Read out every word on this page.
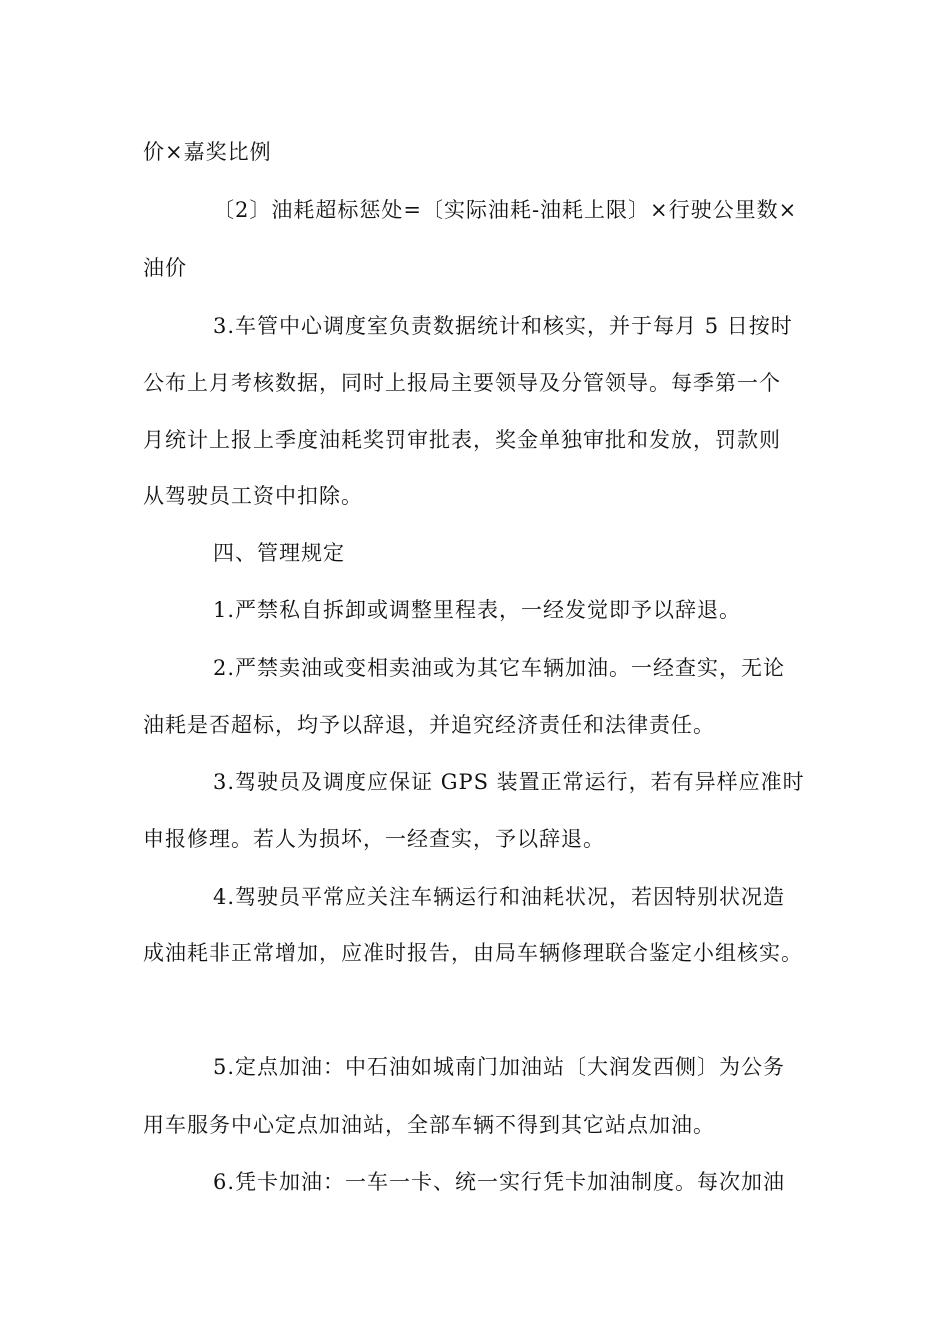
价×嘉奖比例
〔2〕油耗超标惩处=〔实际油耗-油耗上限〕×行驶公里数×
油价
3.车管中心调度室负责数据统计和核实，并于每月 5 日按时
公布上月考核数据，同时上报局主要领导及分管领导。每季第一个
月统计上报上季度油耗奖罚审批表，奖金单独审批和发放，罚款则
从驾驶员工资中扣除。
四、管理规定
1.严禁私自拆卸或调整里程表，一经发觉即予以辞退。
2.严禁卖油或变相卖油或为其它车辆加油。一经查实，无论
油耗是否超标，均予以辞退，并追究经济责任和法律责任。
3.驾驶员及调度应保证 GPS 装置正常运行，若有异样应准时
申报修理。若人为损坏，一经查实，予以辞退。
4.驾驶员平常应关注车辆运行和油耗状况，若因特别状况造
成油耗非正常增加，应准时报告，由局车辆修理联合鉴定小组核实。
5.定点加油：中石油如城南门加油站〔大润发西侧〕为公务
用车服务中心定点加油站，全部车辆不得到其它站点加油。
6.凭卡加油：一车一卡、统一实行凭卡加油制度。每次加油
